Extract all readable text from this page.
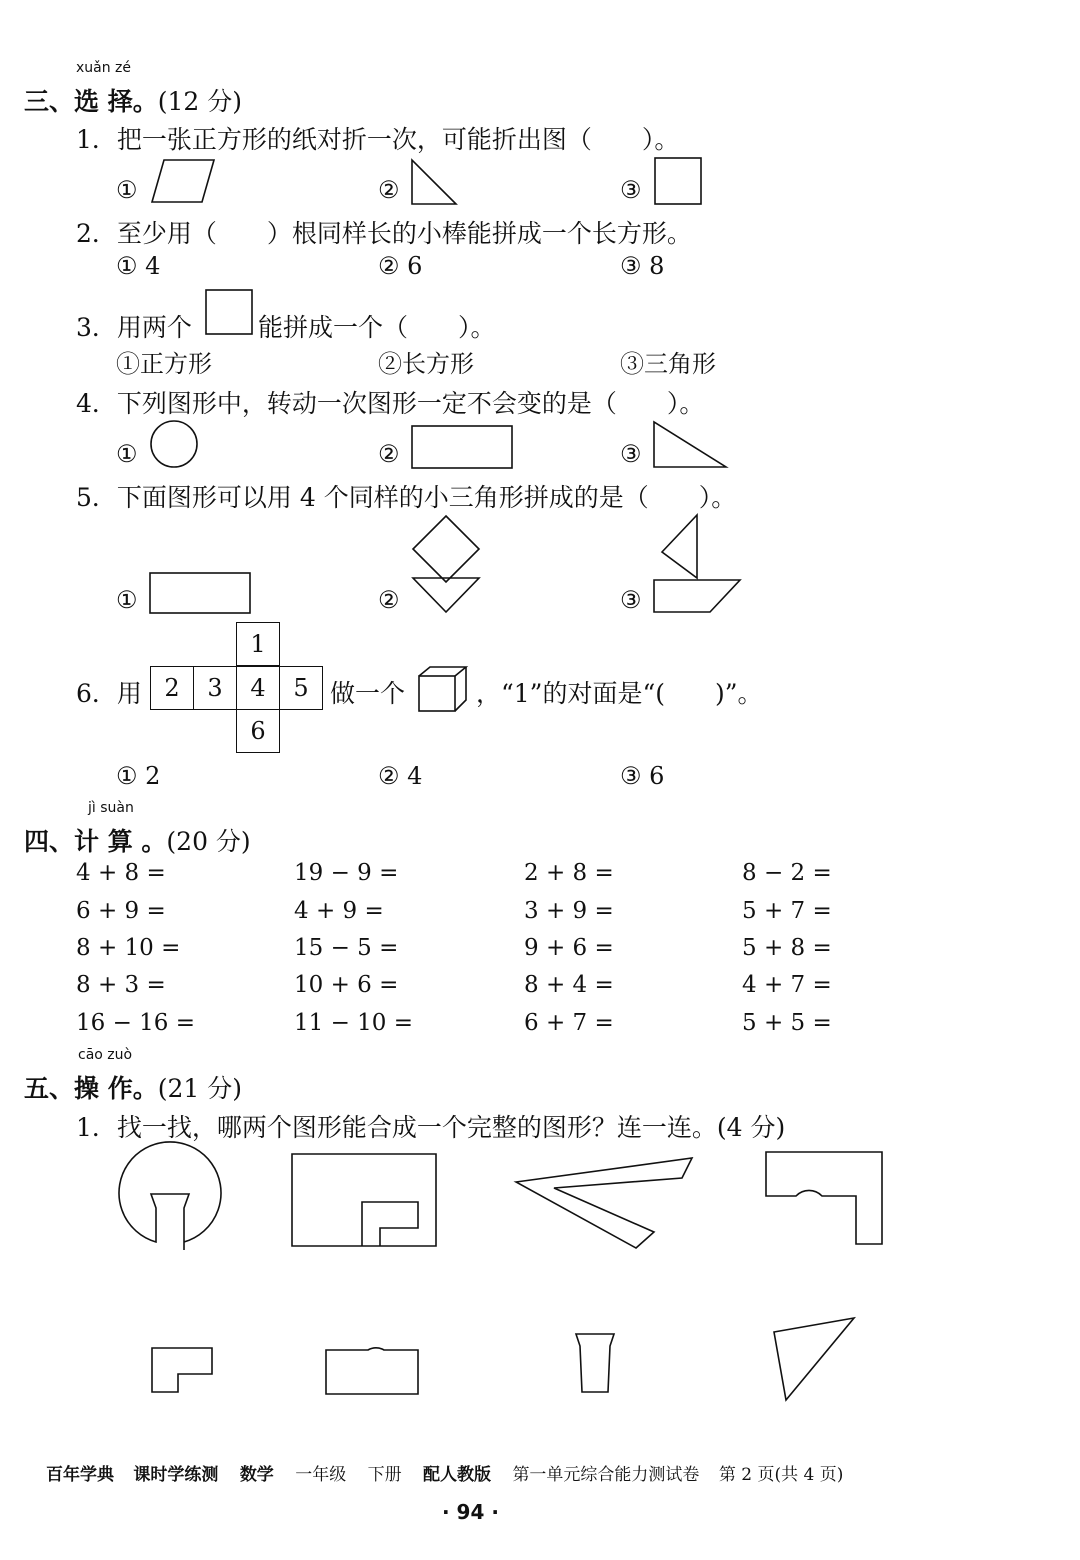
xuǎn zé
三、选 择。(12 分)
1．把一张正方形的纸对折一次，可能折出图（　　）。
①	②	③
2．至少用（　　）根同样长的小棒能拼成一个长方形。
① 4	② 6	③ 8
3．用两个	能拼成一个（　　）。
①正方形	②长方形	③三角形
4．下列图形中，转动一次图形一定不会变的是（　　）。
①	②	③
5．下面图形可以用 4 个同样的小三角形拼成的是（　　）。
①	②	③
6．用
1
2	3	4	5
6
做一个	，“1”的对面是“(　　)”。
① 2	② 4	③ 6
jì suàn
四、计 算 。(20 分)
4 + 8 =	19 − 9 =	2 + 8 =	8 − 2 =
6 + 9 =	4 + 9 =	3 + 9 =	5 + 7 =
8 + 10 =	15 − 5 =	9 + 6 =	5 + 8 =
8 + 3 =	10 + 6 =	8 + 4 =	4 + 7 =
16 − 16 =	11 − 10 =	6 + 7 =	5 + 5 =
cāo zuò
五、操 作。(21 分)
1．找一找，哪两个图形能合成一个完整的图形？连一连。(4 分)
百年学典 课时学练测 数学 一年级 下册 配人教版 第一单元综合能力测试卷 第 2 页(共 4 页)
· 94 ·
